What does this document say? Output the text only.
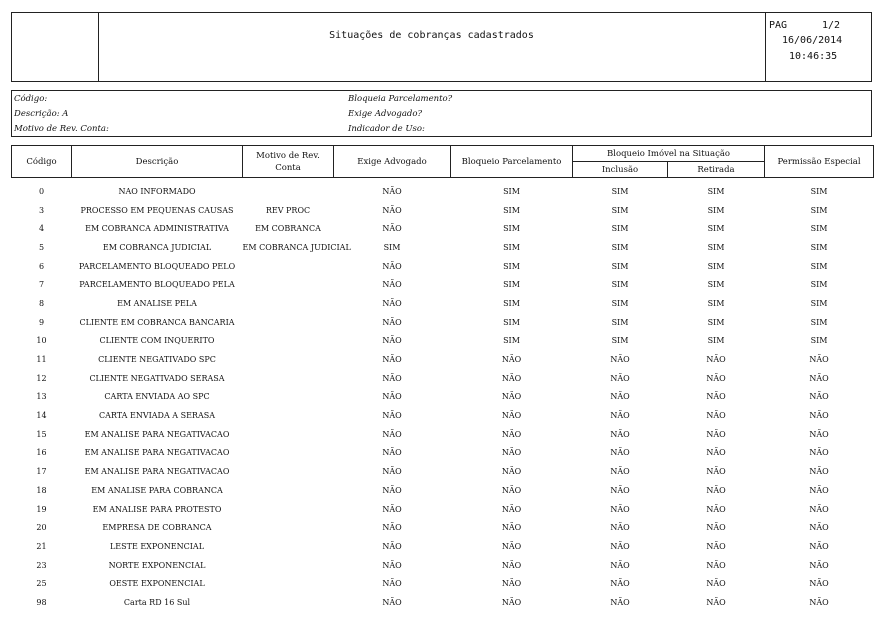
Situações de cobranças cadastrados
PAG	1/2
16/06/2014
10:46:35
Código:
Descrição: A
Motivo de Rev. Conta:
Bloqueia Parcelamento?
Exige Advogado?
Indicador de Uso:
Código	Descrição	Motivo de Rev. Conta	Exige Advogado	Bloqueio Parcelamento	Bloqueio Imóvel na Situação		Permissão Especial
					Inclusão	Retirada	
0	NAO INFORMADO		NÃO	SIM	SIM	SIM	SIM
3	PROCESSO EM PEQUENAS CAUSAS	REV PROC	NÃO	SIM	SIM	SIM	SIM
4	EM COBRANCA ADMINISTRATIVA	EM COBRANCA	NÃO	SIM	SIM	SIM	SIM
5	EM COBRANCA JUDICIAL	EM COBRANCA JUDICIAL	SIM	SIM	SIM	SIM	SIM
6	PARCELAMENTO BLOQUEADO PELO		NÃO	SIM	SIM	SIM	SIM
7	PARCELAMENTO BLOQUEADO PELA		NÃO	SIM	SIM	SIM	SIM
8	EM ANALISE PELA		NÃO	SIM	SIM	SIM	SIM
9	CLIENTE EM COBRANCA BANCARIA		NÃO	SIM	SIM	SIM	SIM
10	CLIENTE COM INQUERITO		NÃO	SIM	SIM	SIM	SIM
11	CLIENTE NEGATIVADO SPC		NÃO	NÃO	NÃO	NÃO	NÃO
12	CLIENTE NEGATIVADO SERASA		NÃO	NÃO	NÃO	NÃO	NÃO
13	CARTA ENVIADA AO SPC		NÃO	NÃO	NÃO	NÃO	NÃO
14	CARTA ENVIADA A SERASA		NÃO	NÃO	NÃO	NÃO	NÃO
15	EM ANALISE PARA NEGATIVACAO		NÃO	NÃO	NÃO	NÃO	NÃO
16	EM ANALISE PARA NEGATIVACAO		NÃO	NÃO	NÃO	NÃO	NÃO
17	EM ANALISE PARA NEGATIVACAO		NÃO	NÃO	NÃO	NÃO	NÃO
18	EM ANALISE PARA COBRANCA		NÃO	NÃO	NÃO	NÃO	NÃO
19	EM ANALISE PARA PROTESTO		NÃO	NÃO	NÃO	NÃO	NÃO
20	EMPRESA DE COBRANCA		NÃO	NÃO	NÃO	NÃO	NÃO
21	LESTE EXPONENCIAL		NÃO	NÃO	NÃO	NÃO	NÃO
23	NORTE EXPONENCIAL		NÃO	NÃO	NÃO	NÃO	NÃO
25	OESTE EXPONENCIAL		NÃO	NÃO	NÃO	NÃO	NÃO
98	Carta RD 16 Sul		NÃO	NÃO	NÃO	NÃO	NÃO
